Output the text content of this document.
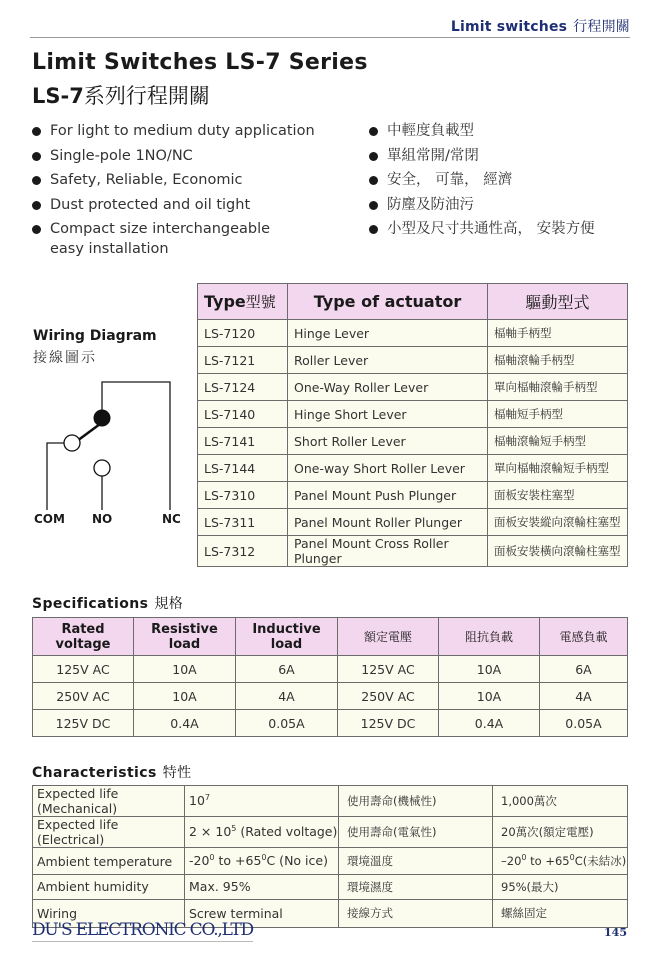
Limit switches 行程開關
Limit Switches LS-7 Series
LS-7系列行程開關
For light to medium duty application
Single-pole 1NO/NC
Safety, Reliable, Economic
Dust protected and oil tight
Compact size interchangeable
easy installation
中輕度負載型
單組常開/常閉
安全， 可靠， 經濟
防塵及防油污
小型及尺寸共通性高， 安裝方便
Wiring Diagram
接線圖示
COM NO	NC
Type型號	Type of actuator	驅動型式
LS-7120	Hinge Lever	楅軸手柄型
LS-7121	Roller Lever	楅軸滾輪手柄型
LS-7124	One-Way Roller Lever	單向楅軸滾輪手柄型
LS-7140	Hinge Short Lever	楅軸短手柄型
LS-7141	Short Roller Lever	楅軸滾輪短手柄型
LS-7144	One-way Short Roller Lever	單向楅軸滾輪短手柄型
LS-7310	Panel Mount Push Plunger	面板安裝柱塞型
LS-7311	Panel Mount Roller Plunger	面板安裝縱向滾輪柱塞型
LS-7312	Panel Mount Cross Roller Plunger	面板安裝橫向滾輪柱塞型
Specifications 規格
Rated voltage	Resistive load	Inductive load	額定電壓	阻抗負載	電感負載
125V AC	10A	6A	125V AC	10A	6A
250V AC	10A	4A	250V AC	10A	4A
125V DC	0.4A	0.05A	125V DC	0.4A	0.05A
Characteristics 特性
Expected life (Mechanical)	$10^7$	使用壽命(機械性)	1,000萬次
Expected life (Electrical)	$2 \times 10^5$ (Rated voltage)	使用壽命(電氣性)	20萬次(額定電壓)
Ambient temperature	$-20^0$ to $+65^0C$ (No ice)	環境溫度	$-20^0$ to $+65^0C$(未結冰)
Ambient humidity	Max. 95%	環境濕度	95%(最大)
Wiring	Screw terminal	接線方式	螺絲固定
DU'S ELECTRONIC CO.,LTD	145
